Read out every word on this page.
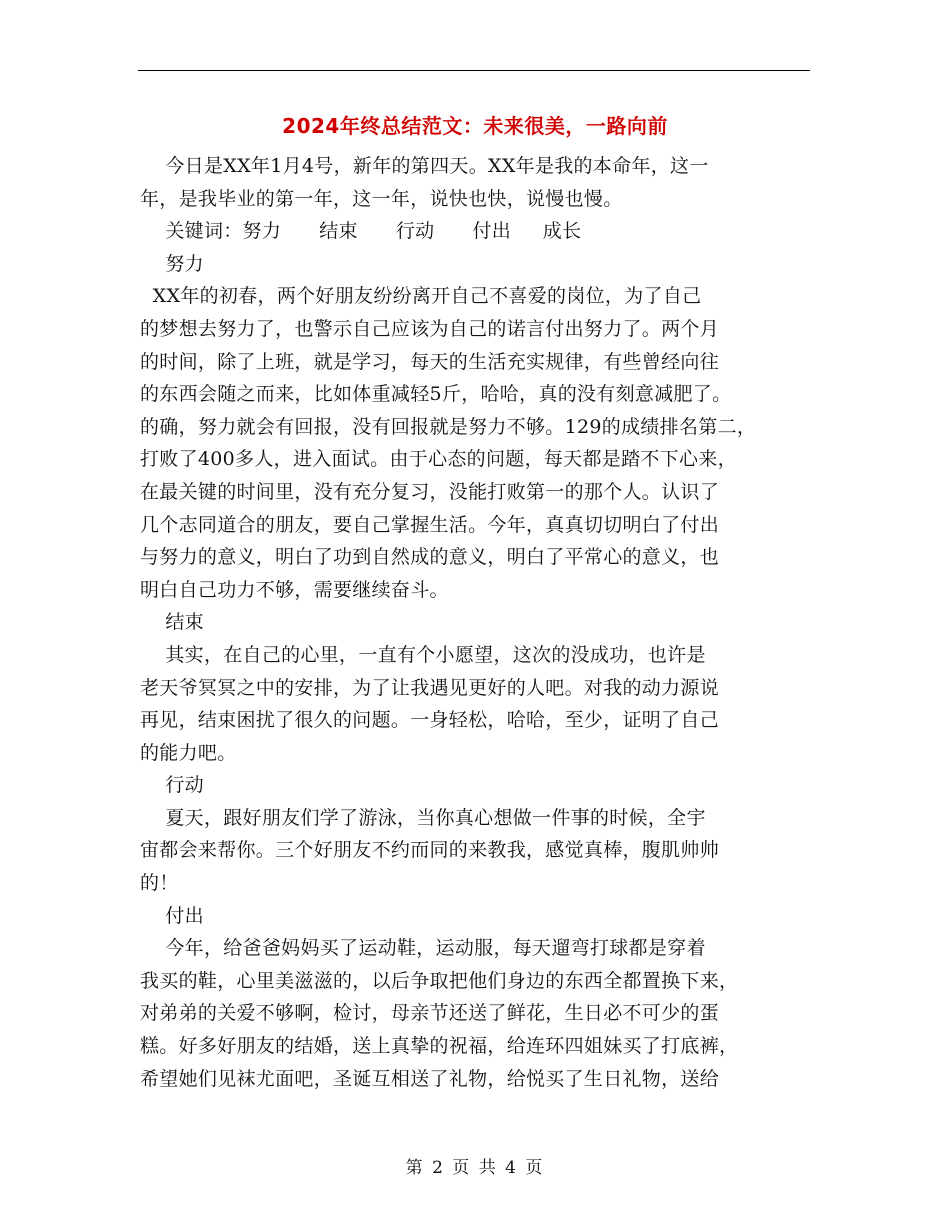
2024年终总结范文：未来很美，一路向前
今日是XX年1月4号，新年的第四天。XX年是我的本命年，这一
年，是我毕业的第一年，这一年，说快也快，说慢也慢。
关键词：努力      结束      行动      付出     成长
努力
XX年的初春，两个好朋友纷纷离开自己不喜爱的岗位，为了自己
的梦想去努力了，也警示自己应该为自己的诺言付出努力了。两个月
的时间，除了上班，就是学习，每天的生活充实规律，有些曾经向往
的东西会随之而来，比如体重减轻5斤，哈哈，真的没有刻意减肥了。
的确，努力就会有回报，没有回报就是努力不够。129的成绩排名第二，
打败了400多人，进入面试。由于心态的问题，每天都是踏不下心来，
在最关键的时间里，没有充分复习，没能打败第一的那个人。认识了
几个志同道合的朋友，要自己掌握生活。今年，真真切切明白了付出
与努力的意义，明白了功到自然成的意义，明白了平常心的意义，也
明白自己功力不够，需要继续奋斗。
结束
其实，在自己的心里，一直有个小愿望，这次的没成功，也许是
老天爷冥冥之中的安排，为了让我遇见更好的人吧。对我的动力源说
再见，结束困扰了很久的问题。一身轻松，哈哈，至少，证明了自己
的能力吧。
行动
夏天，跟好朋友们学了游泳，当你真心想做一件事的时候，全宇
宙都会来帮你。三个好朋友不约而同的来教我，感觉真棒，腹肌帅帅
的！
付出
今年，给爸爸妈妈买了运动鞋，运动服，每天遛弯打球都是穿着
我买的鞋，心里美滋滋的，以后争取把他们身边的东西全都置换下来，
对弟弟的关爱不够啊，检讨，母亲节还送了鲜花，生日必不可少的蛋
糕。好多好朋友的结婚，送上真挚的祝福，给连环四姐妹买了打底裤，
希望她们见袜尤面吧，圣诞互相送了礼物，给悦买了生日礼物，送给
第 2 页 共 4 页
